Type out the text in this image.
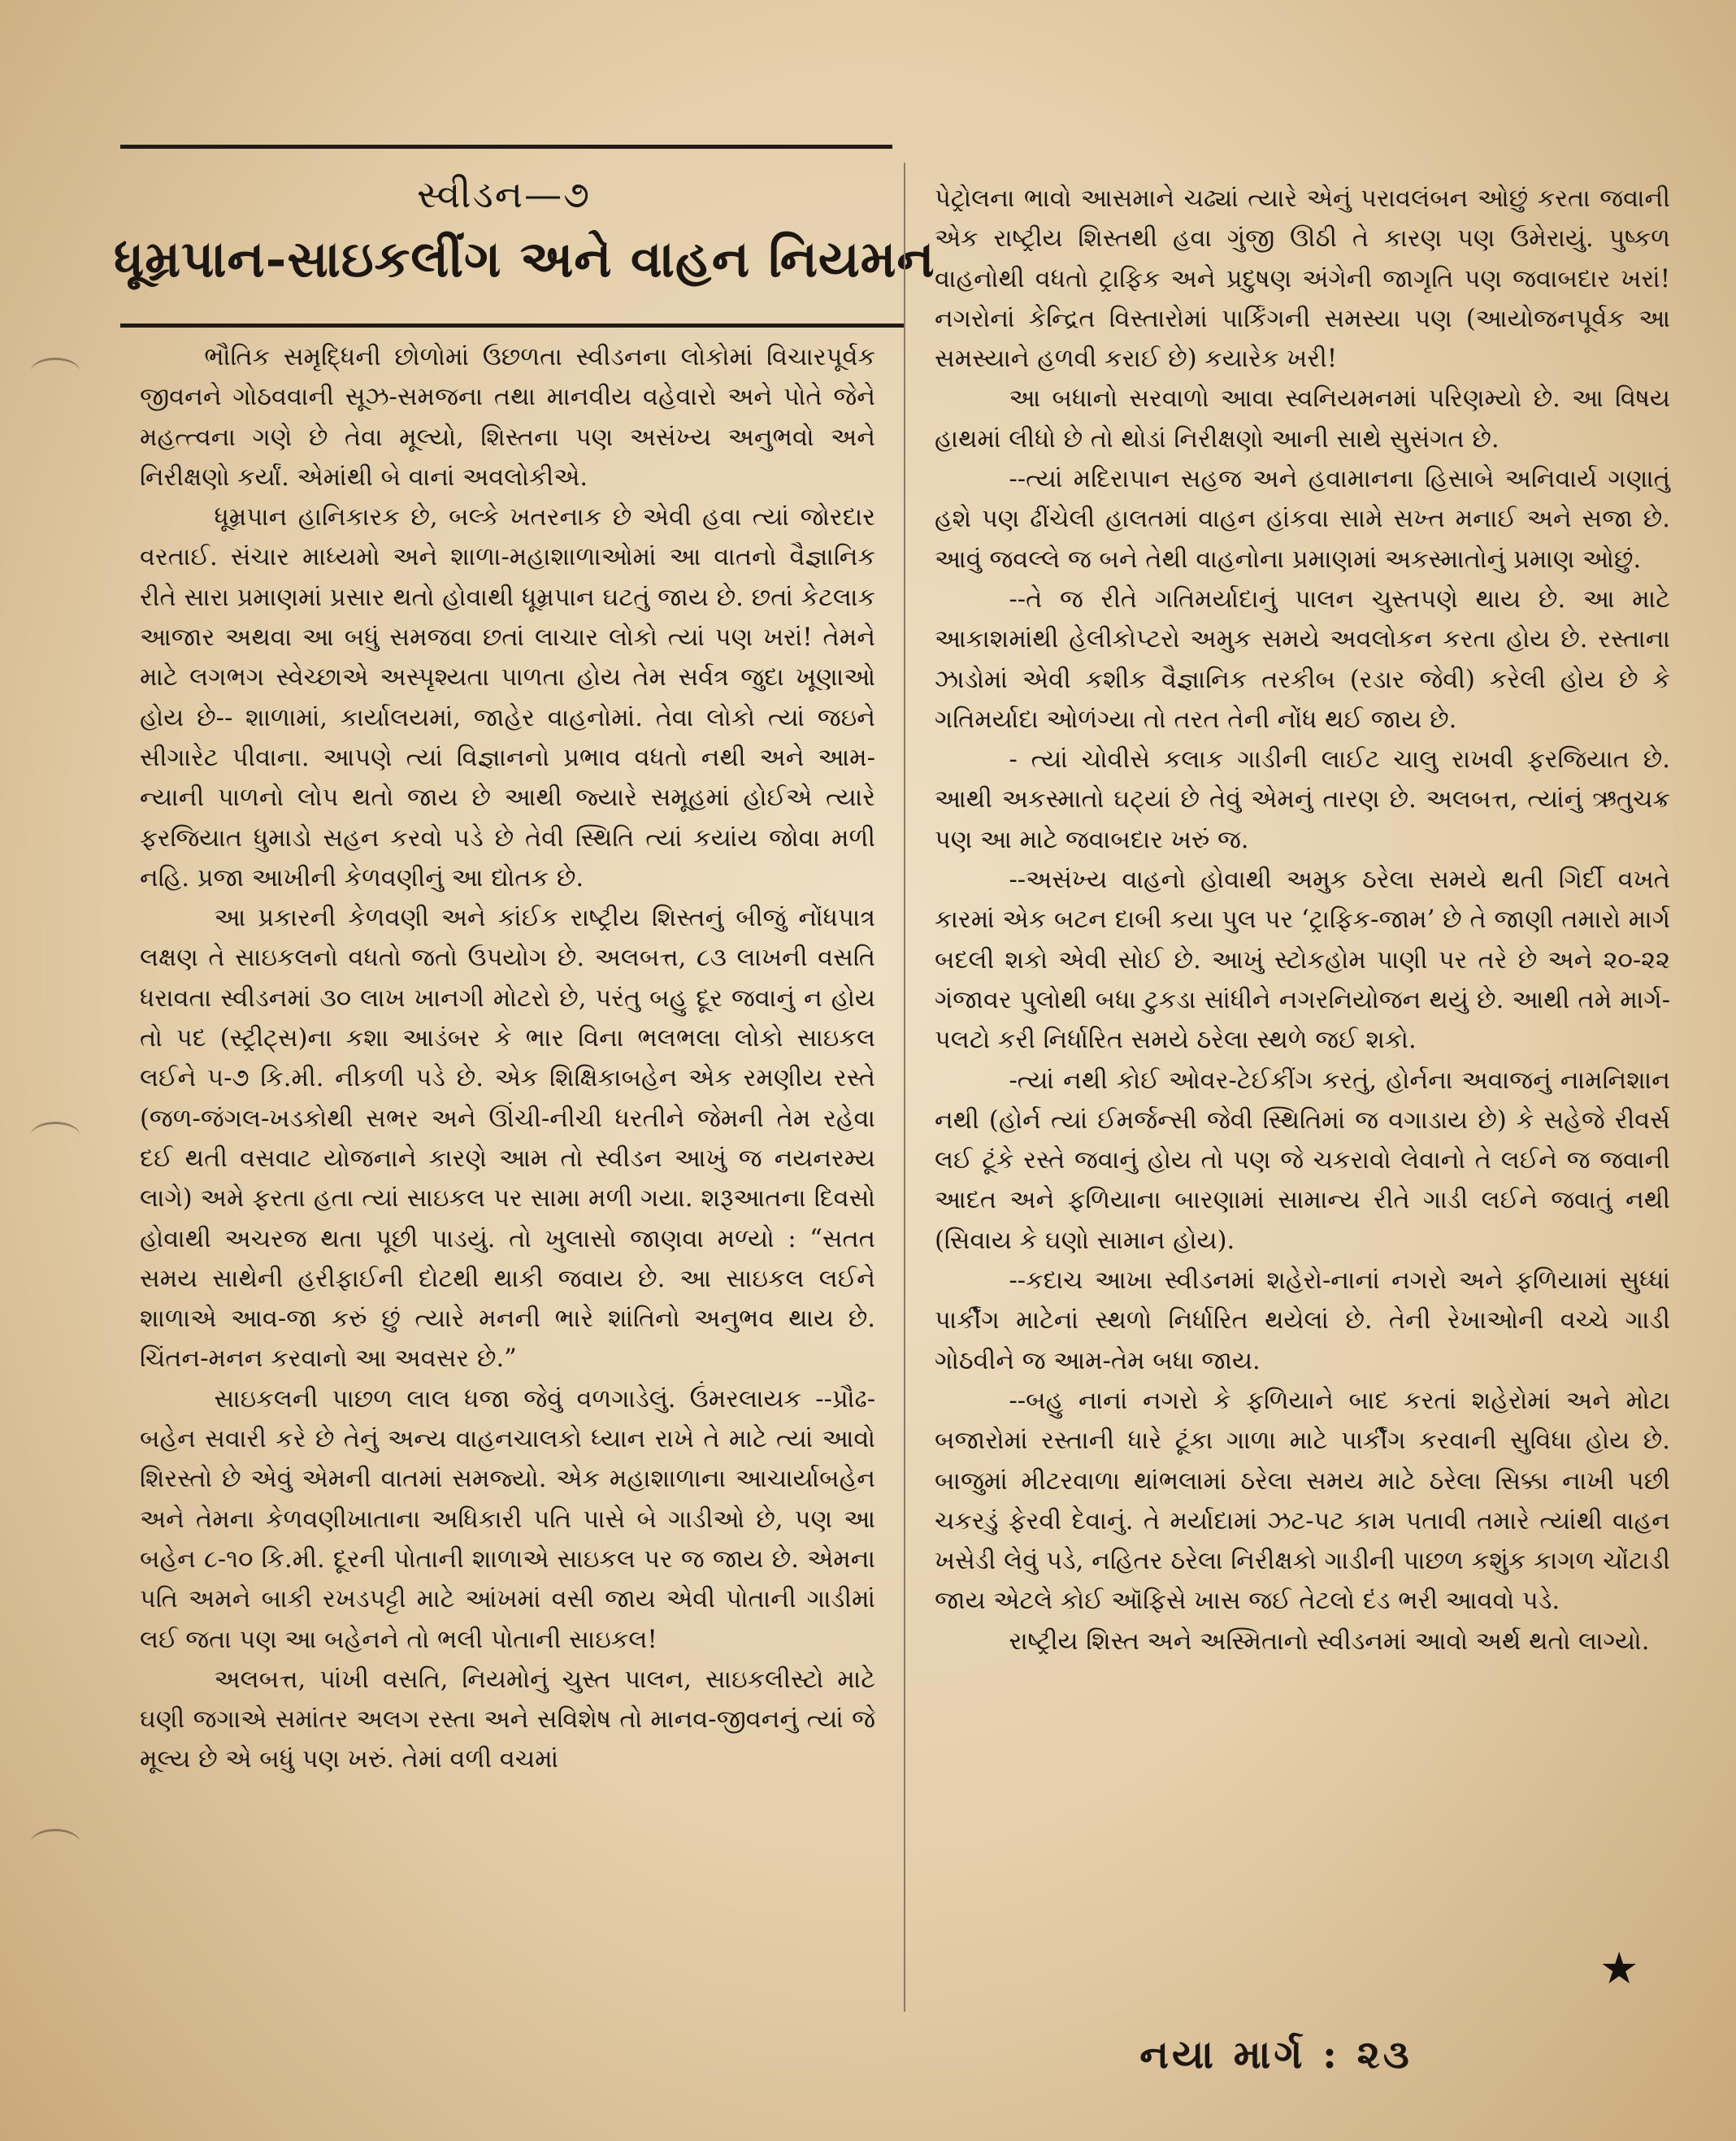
સ્વીડન—૭
ધૂમ્રપાન-સાઇકલીંગ અને વાહન નિયમન

ભૌતિક સમૃદ્ધિની છોળોમાં ઉછળતા સ્વીડનના લોકોમાં વિચારપૂર્વક જીવનને ગોઠવવાની સૂઝ-સમજના તથા માનવીય વહેવારો અને પોતે જેને મહત્ત્વના ગણે છે તેવા મૂલ્યો, શિસ્તના પણ અસંખ્ય અનુભવો અને નિરીક્ષણો કર્યાં. એમાંથી બે વાનાં અવલોકીએ.

ધૂમ્રપાન હાનિકારક છે, બલ્કે ખતરનાક છે એવી હવા ત્યાં જોરદાર વરતાઈ. સંચાર માધ્યમો અને શાળા-મહાશાળાઓમાં આ વાતનો વૈજ્ઞાનિક રીતે સારા પ્રમાણમાં પ્રસાર થતો હોવાથી ધૂમ્રપાન ઘટતું જાય છે. છતાં કેટલાક આજાર અથવા આ બધું સમજવા છતાં લાચાર લોકો ત્યાં પણ ખરાં! તેમને માટે લગભગ સ્વેચ્છાએ અસ્પૃશ્યતા પાળતા હોય તેમ સર્વત્ર જુદા ખૂણાઓ હોય છે-- શાળામાં, કાર્યાલયમાં, જાહેર વાહનોમાં. તેવા લોકો ત્યાં જઇને સીગારેટ પીવાના. આપણે ત્યાં વિજ્ઞાનનો પ્રભાવ વધતો નથી અને આમ-ન્યાની પાળનો લોપ થતો જાય છે આથી જ્યારે સમૂહમાં હોઈએ ત્યારે ફરજિયાત ધુમાડો સહન કરવો પડે છે તેવી સ્થિતિ ત્યાં કયાંય જોવા મળી નહિ. પ્રજા આખીની કેળવણીનું આ દ્યોતક છે.

આ પ્રકારની કેળવણી અને કાંઈક રાષ્ટ્રીય શિસ્તનું બીજું નોંધપાત્ર લક્ષણ તે સાઇકલનો વધતો જતો ઉપયોગ છે. અલબત્ત, ૮૩ લાખની વસતિ ધરાવતા સ્વીડનમાં ૩૦ લાખ ખાનગી મોટરો છે, પરંતુ બહુ દૂર જવાનું ન હોય તો પદ (સ્ટ્રીટ્સ)ના કશા આડંબર કે ભાર વિના ભલભલા લોકો સાઇકલ લઈને ૫-૭ કિ.મી. નીકળી પડે છે. એક શિક્ષિકાબહેન એક રમણીય રસ્તે (જળ-જંગલ-ખડકોથી સભર અને ઊંચી-નીચી ધરતીને જેમની તેમ રહેવા દઈ થતી વસવાટ યોજનાને કારણે આમ તો સ્વીડન આખું જ નયનરમ્ય લાગે) અમે ફરતા હતા ત્યાં સાઇકલ પર સામા મળી ગયા. શરૂઆતના દિવસો હોવાથી અચરજ થતા પૂછી પાડયું. તો ખુલાસો જાણવા મળ્યો : “સતત સમય સાથેની હરીફાઈની દોટથી થાકી જવાય છે. આ સાઇકલ લઈને શાળાએ આવ-જા કરું છું ત્યારે મનની ભારે શાંતિનો અનુભવ થાય છે. ચિંતન-મનન કરવાનો આ અવસર છે.”

સાઇકલની પાછળ લાલ ધજા જેવું વળગાડેલું. ઉંમરલાયક --પ્રૌઢ-બહેન સવારી કરે છે તેનું અન્ય વાહનચાલકો ધ્યાન રાખે તે માટે ત્યાં આવો શિરસ્તો છે એવું એમની વાતમાં સમજ્યો. એક મહાશાળાના આચાર્યાબહેન અને તેમના કેળવણીખાતાના અધિકારી પતિ પાસે બે ગાડીઓ છે, પણ આ બહેન ૮-૧૦ કિ.મી. દૂરની પોતાની શાળાએ સાઇકલ પર જ જાય છે. એમના પતિ અમને બાકી રખડપટ્ટી માટે આંખમાં વસી જાય એવી પોતાની ગાડીમાં લઈ જતા પણ આ બહેનને તો ભલી પોતાની સાઇકલ!

અલબત્ત, પાંખી વસતિ, નિયમોનું ચુસ્ત પાલન, સાઇકલીસ્ટો માટે ઘણી જગાએ સમાંતર અલગ રસ્તા અને સવિશેષ તો માનવ-જીવનનું ત્યાં જે મૂલ્ય છે એ બધું પણ ખરું. તેમાં વળી વચમાં

પેટ્રોલના ભાવો આસમાને ચઢ્યાં ત્યારે એનું પરાવલંબન ઓછું કરતા જવાની એક રાષ્ટ્રીય શિસ્તથી હવા ગુંજી ઊઠી તે કારણ પણ ઉમેરાયું. પુષ્કળ વાહનોથી વધતો ટ્રાફિક અને પ્રદુષણ અંગેની જાગૃતિ પણ જવાબદાર ખરાં! નગરોનાં કેન્દ્રિત વિસ્તારોમાં પાર્કિંગની સમસ્યા પણ (આયોજનપૂર્વક આ સમસ્યાને હળવી કરાઈ છે) કયારેક ખરી!

આ બધાનો સરવાળો આવા સ્વનિયમનમાં પરિણમ્યો છે. આ વિષય હાથમાં લીધો છે તો થોડાં નિરીક્ષણો આની સાથે સુસંગત છે.

--ત્યાં મદિરાપાન સહજ અને હવામાનના હિસાબે અનિવાર્ય ગણાતું હશે પણ ઢીંચેલી હાલતમાં વાહન હાંકવા સામે સખ્ત મનાઈ અને સજા છે. આવું જવલ્લે જ બને તેથી વાહનોના પ્રમાણમાં અકસ્માતોનું પ્રમાણ ઓછું.

--તે જ રીતે ગતિમર્યાદાનું પાલન ચુસ્તપણે થાય છે. આ માટે આકાશમાંથી હેલીકોપ્ટરો અમુક સમયે અવલોકન કરતા હોય છે. રસ્તાના ઝાડોમાં એવી કશીક વૈજ્ઞાનિક તરકીબ (રડાર જેવી) કરેલી હોય છે કે ગતિમર્યાદા ઓળંગ્યા તો તરત તેની નોંધ થઈ જાય છે.

- ત્યાં ચોવીસે કલાક ગાડીની લાઈટ ચાલુ રાખવી ફરજિયાત છે. આથી અકસ્માતો ઘટ્યાં છે તેવું એમનું તારણ છે. અલબત્ત, ત્યાંનું ઋતુચક્ર પણ આ માટે જવાબદાર ખરું જ.

--અસંખ્ય વાહનો હોવાથી અમુક ઠરેલા સમયે થતી ગિર્દી વખતે કારમાં એક બટન દાબી કયા પુલ પર ‘ટ્રાફિક-જામ’ છે તે જાણી તમારો માર્ગ બદલી શકો એવી સોઈ છે. આખું સ્ટોકહોમ પાણી પર તરે છે અને ૨૦-૨૨ ગંજાવર પુલોથી બધા ટુકડા સાંધીને નગરનિયોજન થયું છે. આથી તમે માર્ગ-પલટો કરી નિર્ધારિત સમયે ઠરેલા સ્થળે જઈ શકો.

-ત્યાં નથી કોઈ ઓવર-ટેઈકીંગ કરતું, હોર્નના અવાજનું નામનિશાન નથી (હોર્ન ત્યાં ઈમર્જન્સી જેવી સ્થિતિમાં જ વગાડાય છે) કે સહેજે રીવર્સ લઈ ટૂંકે રસ્તે જવાનું હોય તો પણ જે ચકરાવો લેવાનો તે લઈને જ જવાની આદત અને ફળિયાના બારણામાં સામાન્ય રીતે ગાડી લઈને જવાતું નથી (સિવાય કે ઘણો સામાન હોય).

--કદાચ આખા સ્વીડનમાં શહેરો-નાનાં નગરો અને ફળિયામાં સુધ્ધાં પાર્કીંગ માટેનાં સ્થળો નિર્ધારિત થયેલાં છે. તેની રેખાઓની વચ્ચે ગાડી ગોઠવીને જ આમ-તેમ બધા જાય.

--બહુ નાનાં નગરો કે ફળિયાને બાદ કરતાં શહેરોમાં અને મોટા બજારોમાં રસ્તાની ધારે ટૂંકા ગાળા માટે પાર્કીંગ કરવાની સુવિધા હોય છે. બાજુમાં મીટરવાળા થાંભલામાં ઠરેલા સમય માટે ઠરેલા સિક્કા નાખી પછી ચકરડું ફેરવી દેવાનું. તે મર્યાદામાં ઝટ-પટ કામ પતાવી તમારે ત્યાંથી વાહન ખસેડી લેવું પડે, નહિતર ઠરેલા નિરીક્ષકો ગાડીની પાછળ કશુંક કાગળ ચોંટાડી જાય એટલે કોઈ ઑફિસે ખાસ જઈ તેટલો દંડ ભરી આવવો પડે.

રાષ્ટ્રીય શિસ્ત અને અસ્મિતાનો સ્વીડનમાં આવો અર્થ થતો લાગ્યો.

★
નયા માર્ગ : ૨૩
